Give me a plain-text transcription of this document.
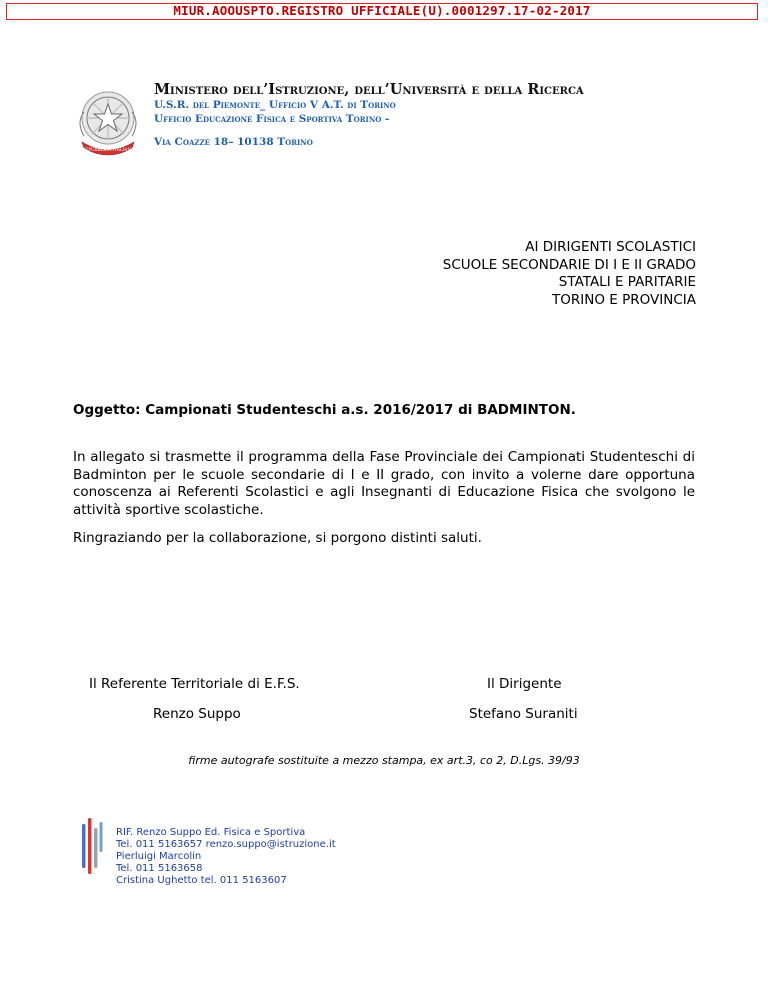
MIUR.AOOUSPTO.REGISTRO UFFICIALE(U).0001297.17-02-2017
REPUBBLICA ITALIANA

Ministero dell’Istruzione, dell’Università e della Ricerca

U.S.R. del Piemonte_ Ufficio V A.T. di Torino

Ufficio Educazione Fisica e Sportiva Torino -

Via Coazze 18– 10138 Torino

AI DIRIGENTI SCOLASTICI
SCUOLE SECONDARIE DI I E II GRADO
STATALI E PARITARIE
TORINO E PROVINCIA
Oggetto: Campionati Studenteschi a.s. 2016/2017 di BADMINTON.

In allegato si trasmette il programma della Fase Provinciale dei Campionati Studenteschi di Badminton per le scuole secondarie di I e II grado, con invito a volerne dare opportuna conoscenza ai Referenti Scolastici e agli Insegnanti di Educazione Fisica che svolgono le attività sportive scolastiche.

Ringraziando per la collaborazione, si porgono distinti saluti.
Il Referente Territoriale di E.F.S.
Renzo Suppo
Il Dirigente
Stefano Suraniti
firme autografe sostituite a mezzo stampa, ex art.3, co 2, D.Lgs. 39/93
RIF. Renzo Suppo Ed. Fisica e Sportiva
Tel. 011 5163657 renzo.suppo@istruzione.it
Pierluigi Marcolin
Tel. 011 5163658
Cristina Ughetto tel. 011 5163607
